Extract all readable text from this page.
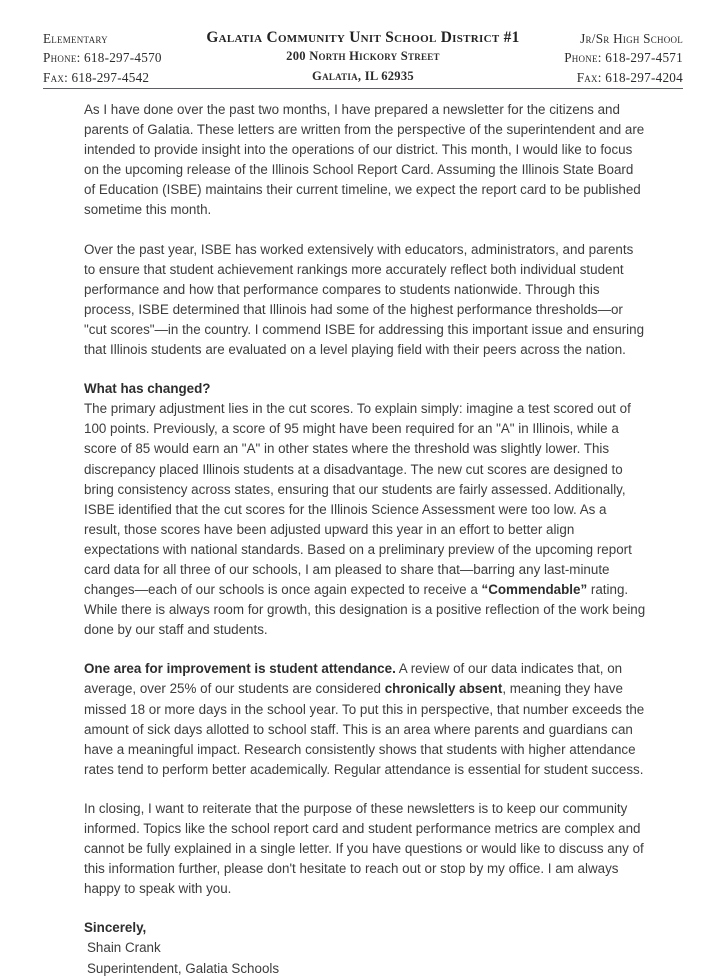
Elementary
Phone: 618-297-4570
Fax: 618-297-4542
Galatia Community Unit School District #1
200 North Hickory Street
Galatia, IL 62935
Jr/Sr High School
Phone: 618-297-4571
Fax: 618-297-4204

As I have done over the past two months, I have prepared a newsletter for the citizens and parents of Galatia. These letters are written from the perspective of the superintendent and are intended to provide insight into the operations of our district. This month, I would like to focus on the upcoming release of the Illinois School Report Card. Assuming the Illinois State Board of Education (ISBE) maintains their current timeline, we expect the report card to be published sometime this month.

Over the past year, ISBE has worked extensively with educators, administrators, and parents to ensure that student achievement rankings more accurately reflect both individual student performance and how that performance compares to students nationwide. Through this process, ISBE determined that Illinois had some of the highest performance thresholds—or "cut scores"—in the country. I commend ISBE for addressing this important issue and ensuring that Illinois students are evaluated on a level playing field with their peers across the nation.

What has changed?
The primary adjustment lies in the cut scores. To explain simply: imagine a test scored out of 100 points. Previously, a score of 95 might have been required for an "A" in Illinois, while a score of 85 would earn an "A" in other states where the threshold was slightly lower. This discrepancy placed Illinois students at a disadvantage. The new cut scores are designed to bring consistency across states, ensuring that our students are fairly assessed. Additionally, ISBE identified that the cut scores for the Illinois Science Assessment were too low. As a result, those scores have been adjusted upward this year in an effort to better align expectations with national standards. Based on a preliminary preview of the upcoming report card data for all three of our schools, I am pleased to share that—barring any last-minute changes—each of our schools is once again expected to receive a “Commendable” rating. While there is always room for growth, this designation is a positive reflection of the work being done by our staff and students.

One area for improvement is student attendance. A review of our data indicates that, on average, over 25% of our students are considered chronically absent, meaning they have missed 18 or more days in the school year. To put this in perspective, that number exceeds the amount of sick days allotted to school staff. This is an area where parents and guardians can have a meaningful impact. Research consistently shows that students with higher attendance rates tend to perform better academically. Regular attendance is essential for student success.

In closing, I want to reiterate that the purpose of these newsletters is to keep our community informed. Topics like the school report card and student performance metrics are complex and cannot be fully explained in a single letter. If you have questions or would like to discuss any of this information further, please don't hesitate to reach out or stop by my office. I am always happy to speak with you.

Sincerely,
Shain Crank
Superintendent, Galatia Schools
